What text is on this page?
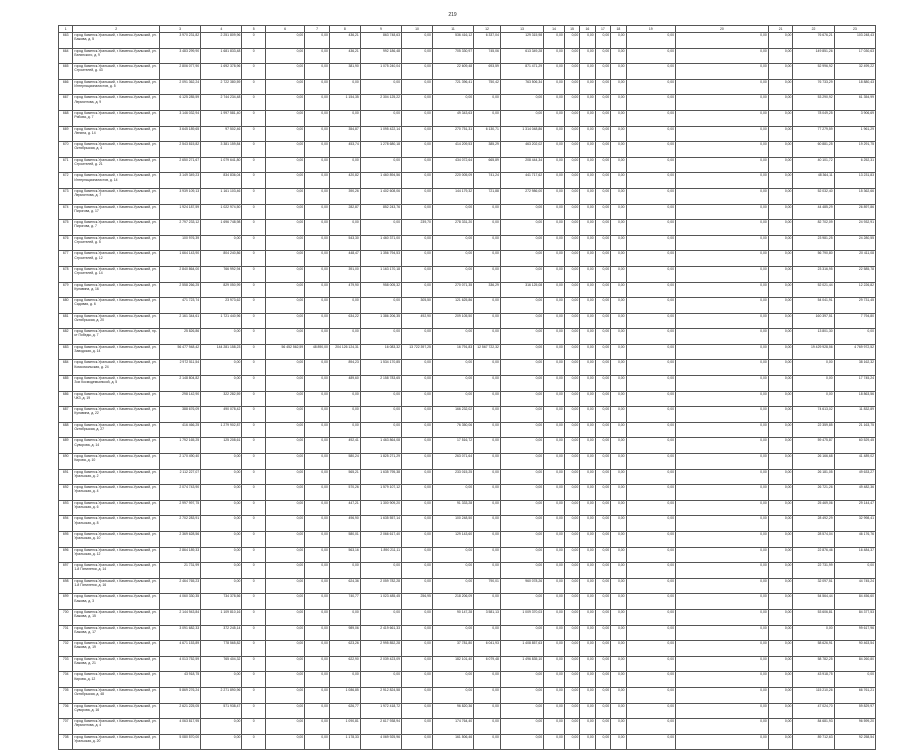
219
1	2	3	4	5	6	7	8	9	10	11	12	13	14	15	16	17	18	19	20	21	22	23
663	город Каменск-Уральский, г. Каменск-Уральский, ул. Бажова, д. 5	3 970 231,82	2 251 809,96	0	0,00	0,00	436,21	863 748,63	0,00	536 416,12	6 337,04	129 315,98	0,00	0,00	0,00	0,00	0,00	0,00	0,00	0,00	76 676,21	103 248,43
664	город Каменск-Уральский, г. Каменск-Уральский, ул. Белинского, д. 9	3 483 299,90	1 681 833,48	0	0,00	0,00	436,21	992 186,48	0,00	705 330,97	745,06	613 349,28	0,00	0,00	0,00	0,00	0,00	0,00	0,00	0,00	149 851,26	17 030,63
665	город Каменск-Уральский, г. Каменск-Уральский, ул. Строителей, д. 43	2 806 077,90	1 692 378,96	0	0,00	0,00	381,90	1 075 240,04	0,00	22 609,48	693,59	871 471,29	0,00	0,00	0,00	0,00	0,00	0,00	0,00	0,00	52 996,92	32 499,22
666	город Каменск-Уральский, г. Каменск-Уральский, ул. Интернационалистов, д. 5	2 091 362,24	2 722 380,59	0	0,00	0,00	0,00	0,00	0,00	721 396,41	750,42	763 506,34	0,00	0,00	0,00	0,00	0,00	0,00	0,00	0,00	76 733,29	18 880,43
667	город Каменск-Уральский, г. Каменск-Уральский, ул. Лермонтова, д. 9	6 125 285,59	2 744 234,48	0	0,00	0,00	1 154,35	2 304 125,22	0,00	0,00	0,00	0,00	0,00	0,00	0,00	0,00	0,00	0,00	0,00	0,00	53 290,92	61 354,99
668	город Каменск-Уральский, г. Каменск-Уральский, ул. Рябова, д. 7	3 146 032,94	1 997 581,40	0	0,00	0,00	0,00	0,00	0,00	49 343,63	0,00	0,00	0,00	0,00	0,00	0,00	0,00	0,00	0,00	0,00	78 049,25	3 906,69
669	город Каменск-Уральский, г. Каменск-Уральский, ул. Ленина, д. 14	3 645 189,65	97 502,46	0	0,00	0,00	354,87	1 095 422,14	0,00	270 751,31	6 130,71	1 314 048,86	0,00	0,00	0,00	0,00	0,00	0,00	0,00	0,00	77 279,59	1 961,29
670	город Каменск-Уральский, г. Каменск-Уральский, ул. Октябрьская, д. 4	2 543 815,82	3 381 159,84	0	0,00	0,00	453,74	1 278 680,18	0,00	414 209,53	385,29	463 202,02	0,00	0,00	0,00	0,00	0,00	0,00	0,00	0,00	60 881,25	19 291,75
671	город Каменск-Уральский, г. Каменск-Уральский, ул. Строителей, д. 21	2 650 271,67	1 079 641,80	0	0,00	0,00	0,00	0,00	0,00	434 072,64	665,89	208 444,34	0,00	0,00	0,00	0,00	0,00	0,00	0,00	0,00	40 101,72	6 252,31
672	город Каменск-Уральский, г. Каменск-Уральский, ул. Интернационалистов, д. 14	3 149 349,23	834 836,04	0	0,00	0,00	420,82	1 460 894,56	0,00	220 005,09	741,24	441 717,62	0,00	0,00	0,00	0,00	0,00	0,00	0,00	0,00	48 364,11	13 231,83
673	город Каменск-Уральский, г. Каменск-Уральский, ул. Лермонтова, д. 7	3 939 109,13	1 161 103,46	0	0,00	0,00	390,26	1 402 608,06	0,00	144 179,32	721,88	272 986,00	0,00	0,00	0,00	0,00	0,00	0,00	0,00	0,00	52 032,40	15 362,66
674	город Каменск-Уральский, г. Каменск-Уральский, ул. Пирогова, д. 17	1 924 187,59	1 022 974,50	0	0,00	0,00	282,87	852 243,76	0,00	0,00	0,00	0,00	0,00	0,00	0,00	0,00	0,00	0,00	0,00	0,00	44 485,29	26 897,86
675	город Каменск-Уральский, г. Каменск-Уральский, ул. Пирогова, д. 7	2 797 233,12	1 696 748,98	0	0,00	0,00	0,00	0,00	239,70	278 331,20	0,00	0,00	0,00	0,00	0,00	0,00	0,00	0,00	0,00	0,00	82 702,09	24 932,91
676	город Каменск-Уральский, г. Каменск-Уральский, ул. Строителей, д. 5	100 976,39	0,00	0	0,00	0,00	543,30	1 460 371,00	0,00	0,00	0,00	0,00	0,00	0,00	0,00	0,00	0,00	0,00	0,00	0,00	23 981,25	24 280,55
677	город Каменск-Уральский, г. Каменск-Уральский, ул. Строителей, д. 12	1 664 143,90	804 240,86	0	0,00	0,00	448,47	1 356 794,53	0,00	0,00	0,00	0,00	0,00	0,00	0,00	0,00	0,00	0,00	0,00	0,00	56 790,80	20 411,08
678	город Каменск-Уральский, г. Каменск-Уральский, ул. Строителей, д. 14	2 840 864,00	766 992,94	0	0,00	0,00	391,00	1 163 170,18	0,00	0,00	0,00	0,00	0,00	0,00	0,00	0,00	0,00	0,00	0,00	0,00	23 316,95	22 585,78
679	город Каменск-Уральский, г. Каменск-Уральский, ул. Кунавина, д. 16	2 558 266,25	829 050,99	0	0,00	0,00	479,90	958 005,32	0,00	270 071,35	336,29	316 125,08	0,00	0,00	0,00	0,00	0,00	0,00	0,00	0,00	52 021,44	12 226,82
680	город Каменск-Уральский, г. Каменск-Уральский, ул. Садовая, д. 6	471 723,74	23 973,62	0	0,00	0,00	0,00	0,00	305,50	121 625,86	0,00	0,00	0,00	0,00	0,00	0,00	0,00	0,00	0,00	0,00	54 041,91	29 731,45
681	город Каменск-Уральский, г. Каменск-Уральский, ул. Октябрьская, д. 20	2 161 344,61	1 721 440,96	0	0,00	0,00	634,22	1 386 206,35	492,90	209 105,50	0,00	0,00	0,00	0,00	0,00	0,00	0,00	0,00	0,00	0,00	160 397,51	7 794,80
682	город Каменск-Уральский, г. Каменск-Уральский, пр-кт Победы, д. 7	25 826,86	0,00	0	0,00	0,00	0,00	0,00	0,00	0,00	0,00	0,00	0,00	0,00	0,00	0,00	0,00	0,00	0,00	0,00	13 801,30	0,00
683	город Каменск-Уральский, г. Каменск-Уральский, ул. Заводская, д. 14	56 477 948,42	144 281 158,23	0	56 452 562,59	48 890,00	204 126 124,31	16 083,32	13 722 397,25	16 791,83	12 567 722,32	0,00	0,00	0,00	0,00	0,00	0,00	0,00	0,00	0,00	19 429 928,56	4 769 972,52
684	город Каменск-Уральский, г. Каменск-Уральский, ул. Комсомольская, д. 24	2 972 511,54	0,00	0	0,00	0,00	894,23	1 534 170,85	0,00	0,00	0,00	0,00	0,00	0,00	0,00	0,00	0,00	0,00	0,00	0,00	0,00	38 162,32
685	город Каменск-Уральский, г. Каменск-Уральский, ул. Зои Космодемьянской, д. 5	2 148 804,82	0,00	0	0,00	0,00	489,60	2 158 783,65	0,00	0,00	0,00	0,00	0,00	0,00	0,00	0,00	0,00	0,00	0,00	0,00	0,00	17 745,24
686	город Каменск-Уральский, г. Каменск-Уральский, ул. ЧКЗ, д. 19	298 142,90	322 282,59	0	0,00	0,00	0,00	0,00	0,00	0,00	0,00	0,00	0,00	0,00	0,00	0,00	0,00	0,00	0,00	0,00	0,00	18 863,56
687	город Каменск-Уральский, г. Каменск-Уральский, ул. Кунавина, д. 22	388 676,09	490 078,42	0	0,00	0,00	0,00	0,00	0,00	166 232,02	0,00	0,00	0,00	0,00	0,00	0,00	0,00	0,00	0,00	0,00	74 613,02	11 832,89
688	город Каменск-Уральский, г. Каменск-Уральский, ул. Октябрьская, д. 27	416 466,25	1 279 902,87	0	0,00	0,00	0,00	0,00	0,00	76 350,06	0,00	0,00	0,00	0,00	0,00	0,00	0,00	0,00	0,00	0,00	22 359,85	21 163,75
689	город Каменск-Уральский, г. Каменск-Уральский, ул. Суворова, д. 14	1 792 165,25	125 208,61	0	0,00	0,00	492,41	1 463 864,08	0,00	17 516,72	0,00	0,00	0,00	0,00	0,00	0,00	0,00	0,00	0,00	0,00	59 475,87	60 529,45
690	город Каменск-Уральский, г. Каменск-Уральский, ул. Кирова, д. 10	2 170 490,40	0,00	0	0,00	0,00	580,24	1 825 271,29	0,00	263 071,64	0,00	0,00	0,00	0,00	0,00	0,00	0,00	0,00	0,00	0,00	26 166,68	41 489,02
691	город Каменск-Уральский, г. Каменск-Уральский, ул. Уральская, д. 2	2 112 227,07	0,00	0	0,00	0,00	565,21	1 635 795,38	0,00	233 015,25	0,00	0,00	0,00	0,00	0,00	0,00	0,00	0,00	0,00	0,00	26 181,05	49 633,27
692	город Каменск-Уральский, г. Каменск-Уральский, ул. Уральская, д. 4	2 074 743,90	0,00	0	0,00	0,00	570,26	1 579 107,12	0,00	0,00	0,00	0,00	0,00	0,00	0,00	0,00	0,00	0,00	0,00	0,00	26 721,26	49 482,36
693	город Каменск-Уральский, г. Каменск-Уральский, ул. Уральская, д. 6	2 997 997,75	0,00	0	0,00	0,00	447,21	1 300 909,20	0,00	91 333,28	0,00	0,00	0,00	0,00	0,00	0,00	0,00	0,00	0,00	0,00	25 469,06	29 144,47
694	город Каменск-Уральский, г. Каменск-Уральский, ул. Уральская, д. 8	2 702 283,91	0,00	0	0,00	0,00	496,90	1 635 557,14	0,00	100 248,50	0,00	0,00	0,00	0,00	0,00	0,00	0,00	0,00	0,00	0,00	28 492,29	32 998,41
695	город Каменск-Уральский, г. Каменск-Уральский, ул. Уральская, д. 10	2 369 628,56	0,00	0	0,00	0,00	580,01	2 066 617,40	0,00	129 143,60	0,00	0,00	0,00	0,00	0,00	0,00	0,00	0,00	0,00	0,00	28 574,04	46 176,76
696	город Каменск-Уральский, г. Каменск-Уральский, ул. Уральская, д. 12	2 864 189,33	0,00	0	0,00	0,00	563,16	1 890 211,11	0,00	0,00	0,00	0,00	0,00	0,00	0,00	0,00	0,00	0,00	0,00	0,00	22 876,46	16 484,37
697	город Каменск-Уральский, г. Каменск-Уральский, ул. 1-й Пятилетки, д. 14	21 731,99	0,00	0	0,00	0,00	0,00	0,00	0,00	0,00	0,00	0,00	0,00	0,00	0,00	0,00	0,00	0,00	0,00	0,00	22 731,99	0,00
698	город Каменск-Уральский, г. Каменск-Уральский, ул. 1-й Пятилетки, д. 16	2 464 765,23	0,00	0	0,00	0,00	624,36	2 059 782,28	0,00	0,00	790,01	960 078,26	0,00	0,00	0,00	0,00	0,00	0,00	0,00	0,00	32 097,51	44 745,24
699	город Каменск-Уральский, г. Каменск-Уральский, ул. Бажова, д. 3	4 060 330,35	734 378,56	0	0,00	0,00	740,77	1 023 485,45	256,95	218 206,09	0,00	0,00	0,00	0,00	0,00	0,00	0,00	0,00	0,00	0,00	54 564,44	84 456,60
700	город Каменск-Уральский, г. Каменск-Уральский, ул. Бажова, д. 15	2 144 943,84	1 109 810,16	0	0,00	0,00	0,00	0,00	0,00	90 147,28	3 581,13	1 009 370,03	0,00	0,00	0,00	0,00	0,00	0,00	0,00	0,00	53 606,81	84 377,53
701	город Каменск-Уральский, г. Каменск-Уральский, ул. Бажова, д. 17	3 091 682,33	372 245,14	0	0,00	0,00	989,06	2 419 661,33	0,00	0,00	0,00	0,00	0,00	0,00	0,00	0,00	0,00	0,00	0,00	0,00	0,00	99 617,96
702	город Каменск-Уральский, г. Каменск-Уральский, ул. Бажова, д. 19	4 671 153,89	778 565,82	0	0,00	0,00	623,26	2 995 852,28	0,00	37 781,80	6 041,93	1 408 857,63	0,00	0,00	0,00	0,00	0,00	0,00	0,00	0,00	58 626,91	90 463,54
703	город Каменск-Уральский, г. Каменск-Уральский, ул. Бажова, д. 21	4 013 752,59	765 404,32	0	0,00	0,00	622,90	2 039 423,09	0,00	182 101,40	6 079,48	1 496 835,10	0,00	0,00	0,00	0,00	0,00	0,00	0,00	0,00	58 782,25	84 260,80
704	город Каменск-Уральский, г. Каменск-Уральский, ул. Кирова, д. 12	43 918,75	0,00	0	0,00	0,00	0,00	0,00	0,00	0,00	0,00	0,00	0,00	0,00	0,00	0,00	0,00	0,00	0,00	0,00	43 918,75	0,00
705	город Каменск-Уральский, г. Каменск-Уральский, ул. Октябрьская, д. 48	5 869 276,24	2 271 890,96	0	0,00	0,00	1 086,85	2 912 824,58	0,00	0,00	0,00	0,00	0,00	0,00	0,00	0,00	0,00	0,00	0,00	0,00	115 210,26	66 761,21
706	город Каменск-Уральский, г. Каменск-Уральский, ул. Суворова, д. 16	2 621 225,05	571 938,47	0	0,00	0,00	626,77	1 972 418,72	0,00	96 820,36	0,00	0,00	0,00	0,00	0,00	0,00	0,00	0,00	0,00	0,00	47 024,70	59 829,97
707	город Каменск-Уральский, г. Каменск-Уральский, ул. Лермонтова, д. 4	4 063 817,95	0,00	0	0,00	0,00	1 090,81	2 617 938,94	0,00	174 764,40	0,00	0,00	0,00	0,00	0,00	0,00	0,00	0,00	0,00	0,00	84 681,93	96 599,20
708	город Каменск-Уральский, г. Каменск-Уральский, ул. Уральская, д. 20	5 080 570,00	0,00	0	0,00	0,00	1 178,33	4 069 925,96	0,00	161 506,46	0,00	0,00	0,00	0,00	0,00	0,00	0,00	0,00	0,00	0,00	89 712,63	92 258,54
